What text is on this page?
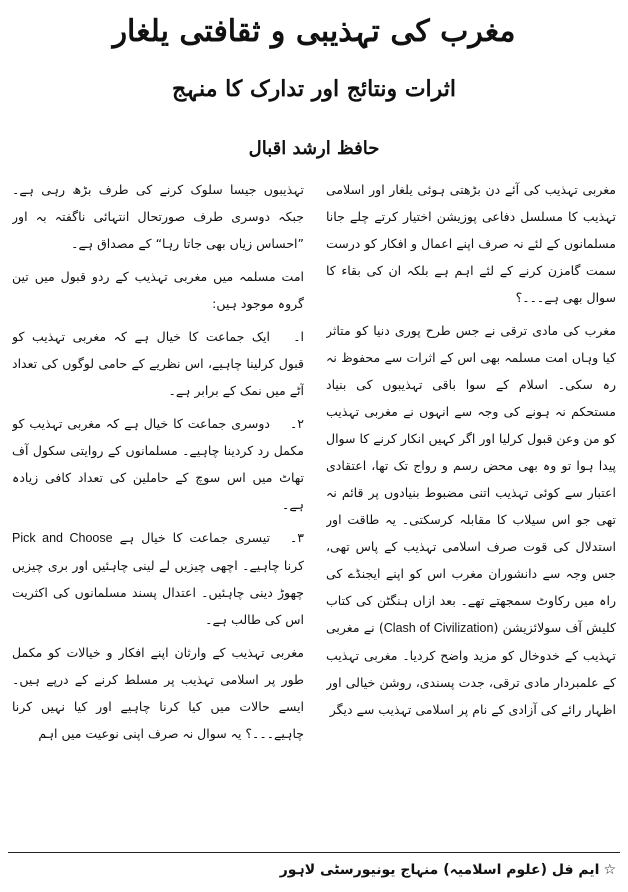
مغرب کی تہذیبی و ثقافتی یلغار
اثرات ونتائج اور تدارک کا منہج
حافظ ارشد اقبال

مغربی تہذیب کی آئے دن بڑھتی ہوئی یلغار اور اسلامی تہذیب کا مسلسل دفاعی پوزیشن اختیار کرتے چلے جانا مسلمانوں کے لئے نہ صرف اپنے اعمال و افکار کو درست سمت گامزن کرنے کے لئے اہم ہے بلکہ ان کی بقاء کا سوال بھی ہے۔۔۔؟

مغرب کی مادی ترقی نے جس طرح پوری دنیا کو متاثر کیا وہاں امت مسلمہ بھی اس کے اثرات سے محفوظ نہ رہ سکی۔ اسلام کے سوا باقی تہذیبوں کی بنیاد مستحکم نہ ہونے کی وجہ سے انہوں نے مغربی تہذیب کو من وعن قبول کرلیا اور اگر کہیں انکار کرنے کا سوال پیدا ہوا تو وہ بھی محض رسم و رواج تک تھا، اعتقادی اعتبار سے کوئی تہذیب اتنی مضبوط بنیادوں پر قائم نہ تھی جو اس سیلاب کا مقابلہ کرسکتی۔ یہ طاقت اور استدلال کی قوت صرف اسلامی تہذیب کے پاس تھی، جس وجہ سے دانشوران مغرب اس کو اپنے ایجنڈے کی راہ میں رکاوٹ سمجھتے تھے۔ بعد ازاں ہنگٹن کی کتاب کلیش آف سولائزیشن (Clash of Civilization) نے مغربی تہذیب کے خدوخال کو مزید واضح کردیا۔ مغربی تہذیب کے علمبردار مادی ترقی، جدت پسندی، روشن خیالی اور اظہار رائے کی آزادی کے نام پر اسلامی تہذیب سے دیگر

تہذیبوں جیسا سلوک کرنے کی طرف بڑھ رہی ہے۔ جبکہ دوسری طرف صورتحال انتہائی ناگفتہ بہ اور ”احساس زیاں بھی جاتا رہا“ کے مصداق ہے۔

امت مسلمہ میں مغربی تہذیب کے ردو قبول میں تین گروہ موجود ہیں:

ا۔ایک جماعت کا خیال ہے کہ مغربی تہذیب کو قبول کرلینا چاہیے، اس نظریے کے حامی لوگوں کی تعداد آٹے میں نمک کے برابر ہے۔
۲۔دوسری جماعت کا خیال ہے کہ مغربی تہذیب کو مکمل رد کردینا چاہیے۔ مسلمانوں کے روایتی سکول آف تھاٹ میں اس سوچ کے حاملین کی تعداد کافی زیادہ ہے۔
۳۔تیسری جماعت کا خیال ہے Pick and Choose کرنا چاہیے۔ اچھی چیزیں لے لینی چاہئیں اور بری چیزیں چھوڑ دینی چاہئیں۔ اعتدال پسند مسلمانوں کی اکثریت اس کی طالب ہے۔

مغربی تہذیب کے وارثان اپنے افکار و خیالات کو مکمل طور پر اسلامی تہذیب پر مسلط کرنے کے درپے ہیں۔ ایسے حالات میں کیا کرنا چاہیے اور کیا نہیں کرنا چاہیے۔۔۔؟ یہ سوال نہ صرف اپنی نوعیت میں اہم

☆ایم فل (علوم اسلامیہ) منہاج یونیورسٹی لاہور
